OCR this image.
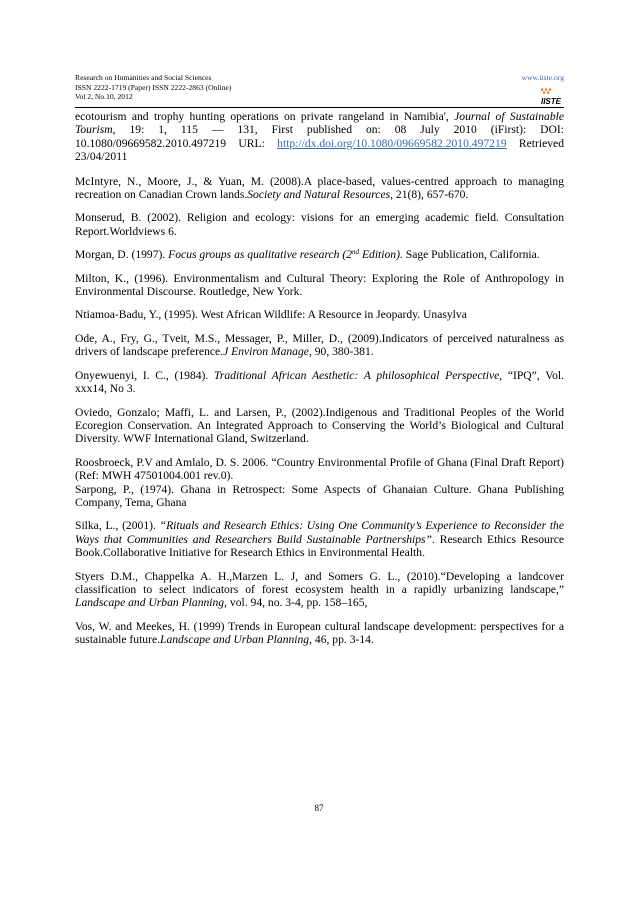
Research on Humanities and Social Sciences
ISSN 2222-1719 (Paper) ISSN 2222-2863 (Online)
Vol 2, No.10, 2012
www.iiste.org
IISTE

ecotourism and trophy hunting operations on private rangeland in Namibia', Journal of Sustainable Tourism, 19: 1, 115 — 131, First published on: 08 July 2010 (iFirst): DOI: 10.1080/09669582.2010.497219 URL: http://dx.doi.org/10.1080/09669582.2010.497219 Retrieved 23/04/2011

McIntyre, N., Moore, J., & Yuan, M. (2008).A place-based, values-centred approach to managing recreation on Canadian Crown lands.Society and Natural Resources, 21(8), 657-670.

Monserud, B. (2002). Religion and ecology: visions for an emerging academic field. Consultation Report.Worldviews 6.

Morgan, D. (1997). Focus groups as qualitative research (2nd Edition). Sage Publication, California.

Milton, K., (1996). Environmentalism and Cultural Theory: Exploring the Role of Anthropology in Environmental Discourse. Routledge, New York.

Ntiamoa-Badu, Y., (1995). West African Wildlife: A Resource in Jeopardy. Unasylva

Ode, A., Fry, G., Tveit, M.S., Messager, P., Miller, D., (2009).Indicators of perceived naturalness as drivers of landscape preference.J Environ Manage, 90, 380-381.

Onyewuenyi, I. C., (1984). Traditional African Aesthetic: A philosophical Perspective, “IPQ”, Vol. xxx14, No 3.

Oviedo, Gonzalo; Maffi, L. and Larsen, P., (2002).Indigenous and Traditional Peoples of the World Ecoregion Conservation. An Integrated Approach to Conserving the World’s Biological and Cultural Diversity. WWF International Gland, Switzerland.

Roosbroeck, P.V and Amlalo, D. S. 2006. “Country Environmental Profile of Ghana (Final Draft Report) (Ref: MWH 47501004.001 rev.0).

Sarpong, P., (1974). Ghana in Retrospect: Some Aspects of Ghanaian Culture. Ghana Publishing Company, Tema, Ghana

Silka, L., (2001). “Rituals and Research Ethics: Using One Community’s Experience to Reconsider the Ways that Communities and Researchers Build Sustainable Partnerships”. Research Ethics Resource Book.Collaborative Initiative for Research Ethics in Environmental Health.

Styers D.M., Chappelka A. H.,Marzen L. J, and Somers G. L., (2010).“Developing a landcover classification to select indicators of forest ecosystem health in a rapidly urbanizing landscape,” Landscape and Urban Planning, vol. 94, no. 3-4, pp. 158–165,

Vos, W. and Meekes, H. (1999) Trends in European cultural landscape development: perspectives for a sustainable future.Landscape and Urban Planning, 46, pp. 3-14.

87
